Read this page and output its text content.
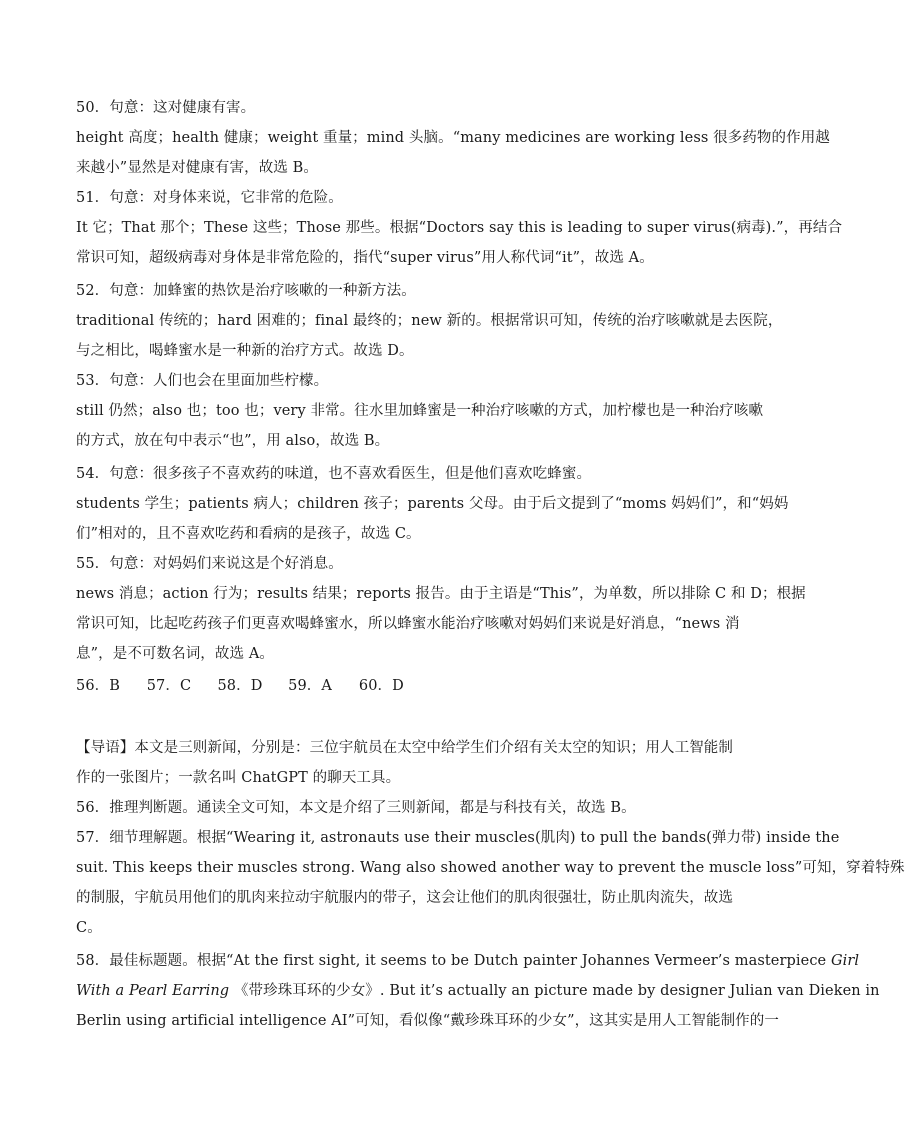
50．句意：这对健康有害。
height 高度；health 健康；weight 重量；mind 头脑。“many medicines are working less 很多药物的作用越
来越小”显然是对健康有害，故选 B。
51．句意：对身体来说，它非常的危险。
It 它；That 那个；These 这些；Those 那些。根据“Doctors say this is leading to super virus(病毒).”，再结合
常识可知，超级病毒对身体是非常危险的，指代“super virus”用人称代词“it”，故选 A。
52．句意：加蜂蜜的热饮是治疗咳嗽的一种新方法。
traditional 传统的；hard 困难的；final 最终的；new 新的。根据常识可知，传统的治疗咳嗽就是去医院，
与之相比，喝蜂蜜水是一种新的治疗方式。故选 D。
53．句意：人们也会在里面加些柠檬。
still 仍然；also 也；too 也；very 非常。往水里加蜂蜜是一种治疗咳嗽的方式，加柠檬也是一种治疗咳嗽
的方式，放在句中表示“也”，用 also，故选 B。
54．句意：很多孩子不喜欢药的味道，也不喜欢看医生，但是他们喜欢吃蜂蜜。
students 学生；patients 病人；children 孩子；parents 父母。由于后文提到了“moms 妈妈们”，和“妈妈
们”相对的，且不喜欢吃药和看病的是孩子，故选 C。
55．句意：对妈妈们来说这是个好消息。
news 消息；action 行为；results 结果；reports 报告。由于主语是“This”，为单数，所以排除 C 和 D；根据
常识可知，比起吃药孩子们更喜欢喝蜂蜜水，所以蜂蜜水能治疗咳嗽对妈妈们来说是好消息，“news 消
息”，是不可数名词，故选 A。
56．B 57．C 58．D 59．A 60．D
【导语】本文是三则新闻，分别是：三位宇航员在太空中给学生们介绍有关太空的知识；用人工智能制
作的一张图片；一款名叫 ChatGPT 的聊天工具。
56．推理判断题。通读全文可知，本文是介绍了三则新闻，都是与科技有关，故选 B。
57．细节理解题。根据“Wearing it, astronauts use their muscles(肌肉) to pull the bands(弹力带) inside the
suit. This keeps their muscles strong. Wang also showed another way to prevent the muscle loss”可知，穿着特殊
的制服，宇航员用他们的肌肉来拉动宇航服内的带子，这会让他们的肌肉很强壮，防止肌肉流失，故选
C。
58．最佳标题题。根据“At the first sight, it seems to be Dutch painter Johannes Vermeer’s masterpiece Girl
With a Pearl Earring 《带珍珠耳环的少女》. But it’s actually an picture made by designer Julian van Dieken in
Berlin using artificial intelligence AI”可知，看似像“戴珍珠耳环的少女”，这其实是用人工智能制作的一
